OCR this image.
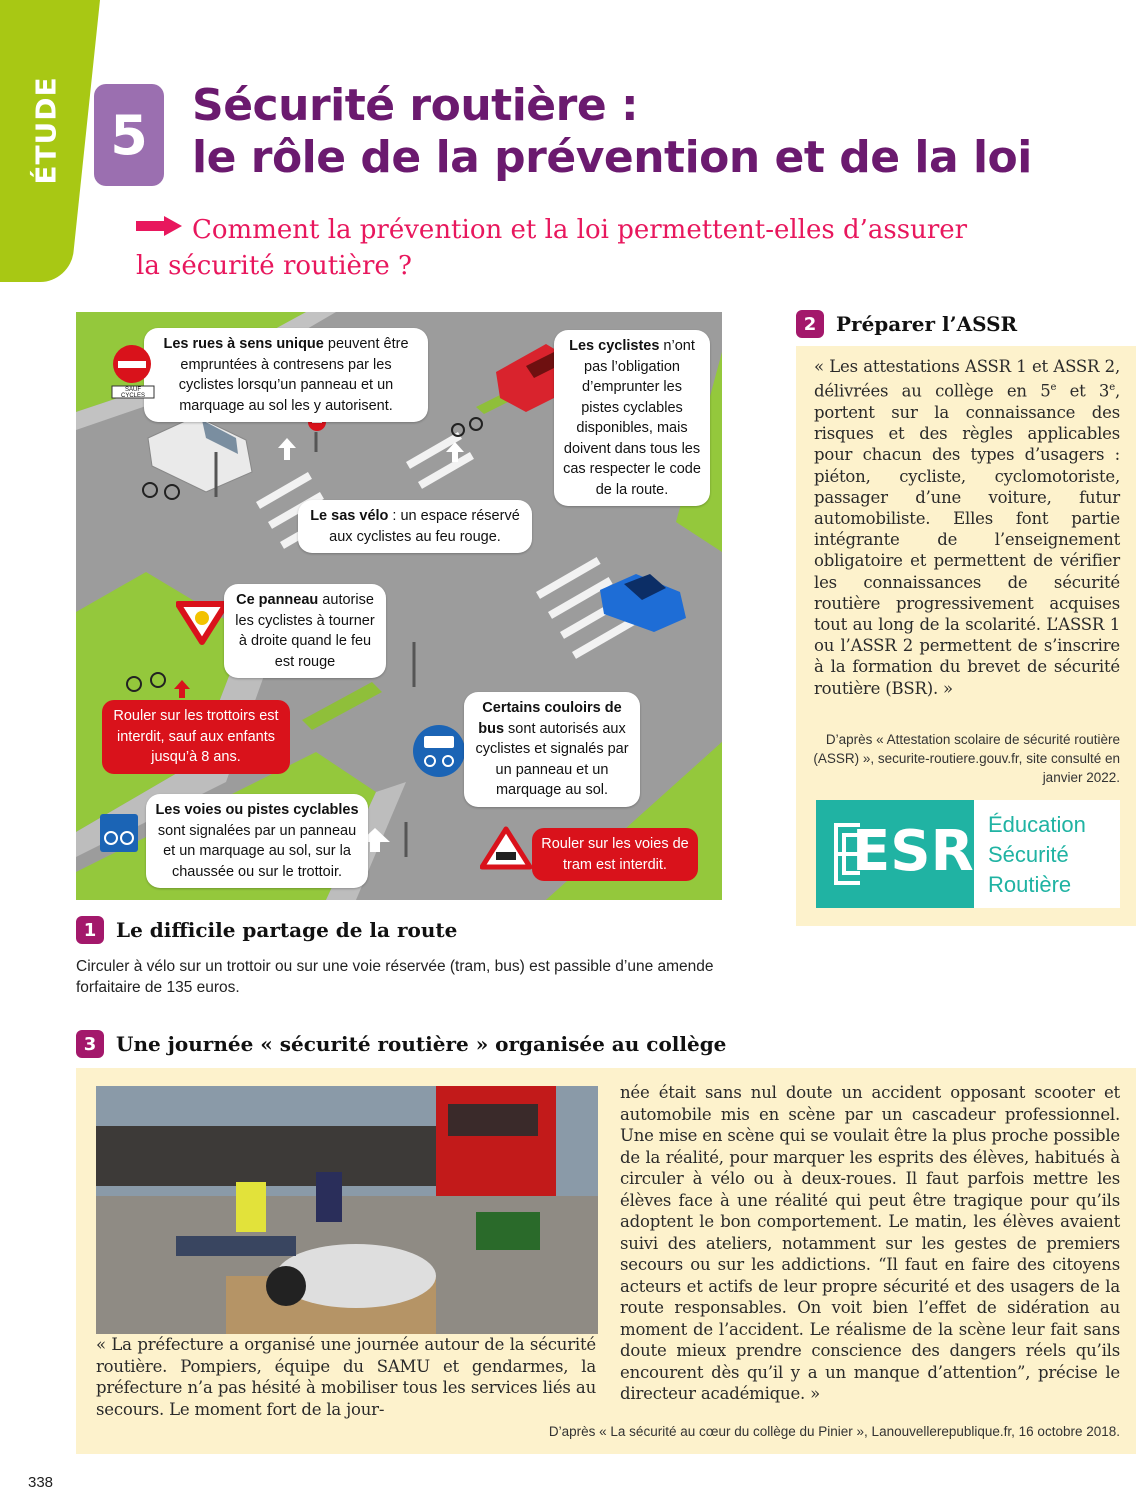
ÉTUDE 5	Sécurité routière :
le rôle de la prévention et de la loi
Comment la prévention et la loi permettent-elles d’assurer
la sécurité routière ?
Les rues à sens unique peuvent être empruntées à contresens par les cyclistes lorsqu’un panneau et un marquage au sol les y autorisent.
SAUF CYCLES
Les cyclistes n’ont pas l’obligation d’emprunter les pistes cyclables disponibles, mais doivent dans tous les cas respecter le code de la route.
Le sas vélo : un espace réservé aux cyclistes au feu rouge.
Ce panneau autorise les cyclistes à tourner à droite quand le feu est rouge
Rouler sur les trottoirs est interdit, sauf aux enfants jusqu’à 8 ans.
Certains couloirs de bus sont autorisés aux cyclistes et signalés par un panneau et un marquage au sol.
Les voies ou pistes cyclables sont signalées par un panneau et un marquage au sol, sur la chaussée ou sur le trottoir.
Rouler sur les voies de tram est interdit.
1 Le difficile partage de la route
Circuler à vélo sur un trottoir ou sur une voie réservée (tram, bus) est passible d’une amende forfaitaire de 135 euros.
2 Préparer l’ASSR
« Les attestations ASSR 1 et ASSR 2, délivrées au collège en 5e et 3e, portent sur la connaissance des risques et des règles applicables pour chacun des types d’usagers : piéton, cycliste, cyclomotoriste, passager d’une voiture, futur automobiliste. Elles font partie intégrante de l’enseignement obligatoire et permettent de vérifier les connaissances de sécurité routière progressivement acquises tout au long de la scolarité. L’ASSR 1 ou l’ASSR 2 permettent de s’inscrire à la formation du brevet de sécurité routière (BSR). »
D’après « Attestation scolaire de sécurité routière (ASSR) », securite-routiere.gouv.fr, site consulté en janvier 2022.
ESR Éducation
Sécurité
Routière
3 Une journée « sécurité routière » organisée au collège
« La préfecture a organisé une journée autour de la sécurité routière. Pompiers, équipe du SAMU et gendarmes, la préfecture n’a pas hésité à mobiliser tous les services liés au secours. Le moment fort de la jour-
née était sans nul doute un accident opposant scooter et automobile mis en scène par un cascadeur professionnel. Une mise en scène qui se voulait être la plus proche possible de la réalité, pour marquer les esprits des élèves, habitués à circuler à vélo ou à deux-roues. Il faut parfois mettre les élèves face à une réalité qui peut être tragique pour qu’ils adoptent le bon comportement. Le matin, les élèves avaient suivi des ateliers, notamment sur les gestes de premiers secours ou sur les addictions. “Il faut en faire des citoyens acteurs et actifs de leur propre sécurité et des usagers de la route responsables. On voit bien l’effet de sidération au moment de l’accident. Le réalisme de la scène leur fait sans doute mieux prendre conscience des dangers réels qu’ils encourent dès qu’il y a un manque d’attention”, précise le directeur académique. »
D’après « La sécurité au cœur du collège du Pinier », Lanouvellerepublique.fr, 16 octobre 2018.
338
